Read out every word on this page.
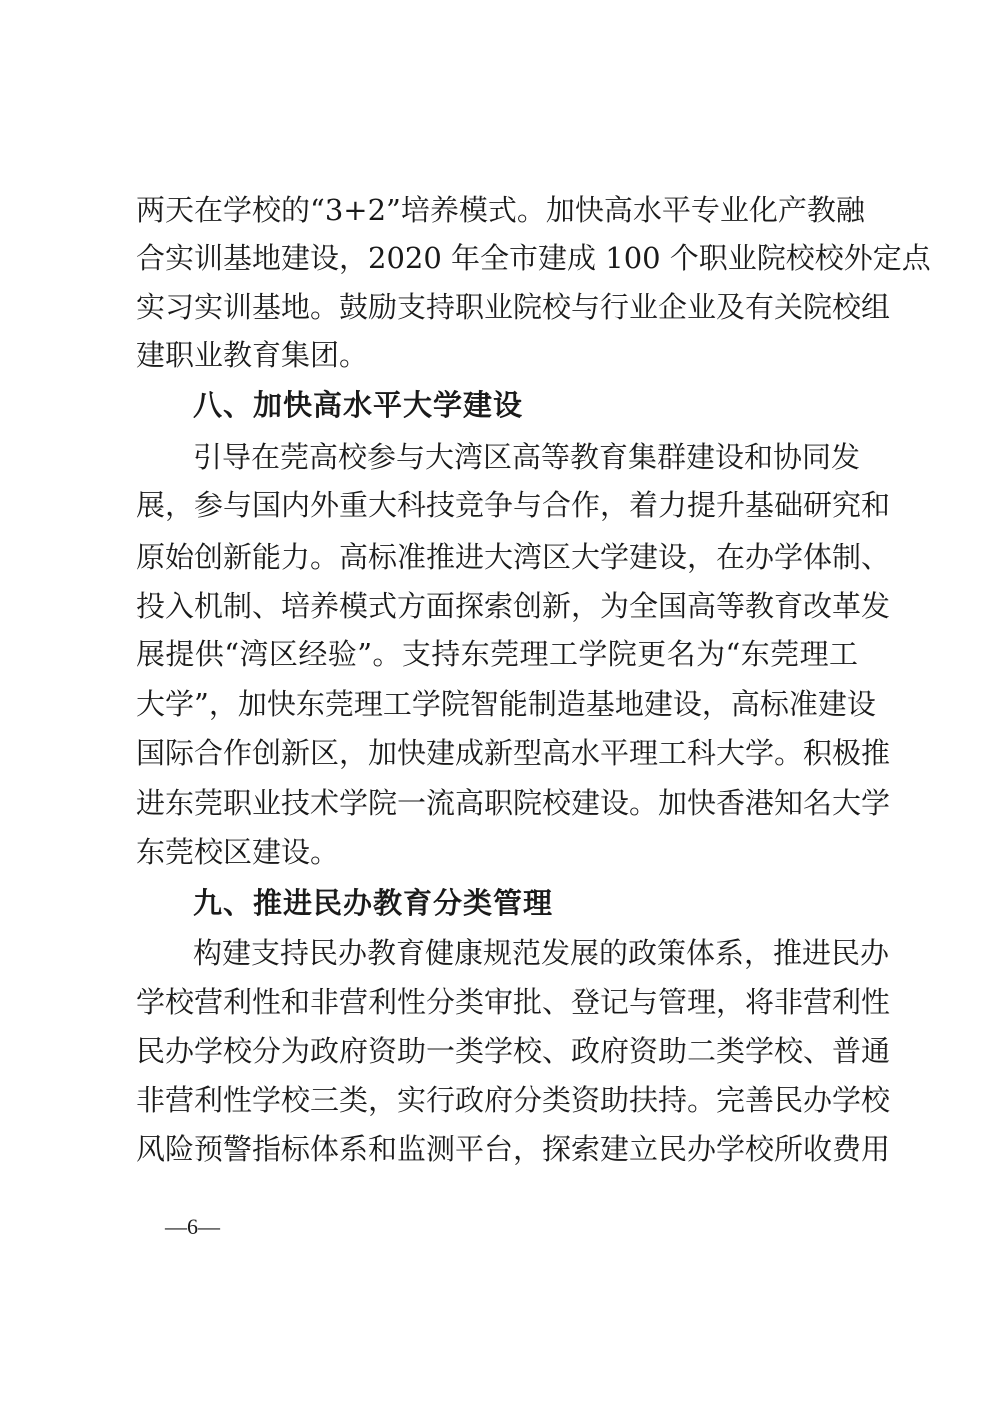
两天在学校的“3+2”培养模式。加快高水平专业化产教融
合实训基地建设，2020 年全市建成 100 个职业院校校外定点
实习实训基地。鼓励支持职业院校与行业企业及有关院校组
建职业教育集团。
八、加快高水平大学建设
引导在莞高校参与大湾区高等教育集群建设和协同发
展，参与国内外重大科技竞争与合作，着力提升基础研究和
原始创新能力。高标准推进大湾区大学建设，在办学体制、
投入机制、培养模式方面探索创新，为全国高等教育改革发
展提供“湾区经验”。支持东莞理工学院更名为“东莞理工
大学”，加快东莞理工学院智能制造基地建设，高标准建设
国际合作创新区，加快建成新型高水平理工科大学。积极推
进东莞职业技术学院一流高职院校建设。加快香港知名大学
东莞校区建设。
九、推进民办教育分类管理
构建支持民办教育健康规范发展的政策体系，推进民办
学校营利性和非营利性分类审批、登记与管理，将非营利性
民办学校分为政府资助一类学校、政府资助二类学校、普通
非营利性学校三类，实行政府分类资助扶持。完善民办学校
风险预警指标体系和监测平台，探索建立民办学校所收费用
—6—
